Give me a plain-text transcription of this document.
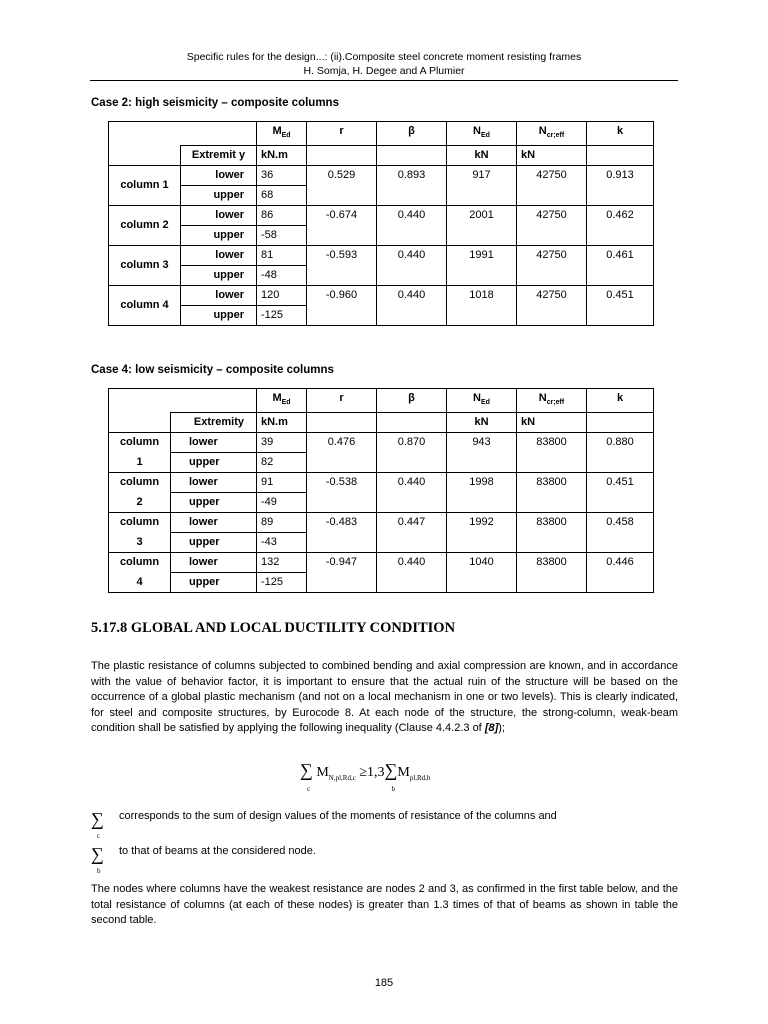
Specific rules for the design...: (ii).Composite steel concrete moment resisting frames
H. Somja, H. Degee and A Plumier
Case 2: high seismicity – composite columns
		$M_{Ed}$	r	β	$N_{Ed}$	$N_{cr;eff}$	k
	Extremit y	kN.m			kN	kN	
column 1	lower	36	0.529	0.893	917	42750	0.913
	upper	68					
column 2	lower	86	-0.674	0.440	2001	42750	0.462
	upper	-58					
column 3	lower	81	-0.593	0.440	1991	42750	0.461
	upper	-48					
column 4	lower	120	-0.960	0.440	1018	42750	0.451
	upper	-125					
Case 4: low seismicity – composite columns
		$M_{Ed}$	r	β	$N_{Ed}$	$N_{cr;eff}$	k
	Extremity	kN.m			kN	kN	
column	lower	39	0.476	0.870	943	83800	0.880
1	upper	82					
column	lower	91	-0.538	0.440	1998	83800	0.451
2	upper	-49					
column	lower	89	-0.483	0.447	1992	83800	0.458
3	upper	-43					
column	lower	132	-0.947	0.440	1040	83800	0.446
4	upper	-125					
5.17.8 GLOBAL AND LOCAL DUCTILITY CONDITION
The plastic resistance of columns subjected to combined bending and axial compression are known, and in accordance with the value of behavior factor, it is important to ensure that the actual ruin of the structure will be based on the occurrence of a global plastic mechanism (and not on a local mechanism in one or two levels). This is clearly indicated, for steel and composite structures, by Eurocode 8. At each node of the structure, the strong-column, weak-beam condition shall be satisfied by applying the following inequality (Clause 4.4.2.3 of [8]);
∑
c
$M_{N,pl,Rd,c} \ge 1,3\sum$
b
$M_{pl,Rd,b}$
∑
c
corresponds to the sum of design values of the moments of resistance of the columns and
∑
b
to that of beams at the considered node.
The nodes where columns have the weakest resistance are nodes 2 and 3, as confirmed in the first table below, and the total resistance of columns (at each of these nodes) is greater than 1.3 times of that of beams as shown in table the second table.
185
